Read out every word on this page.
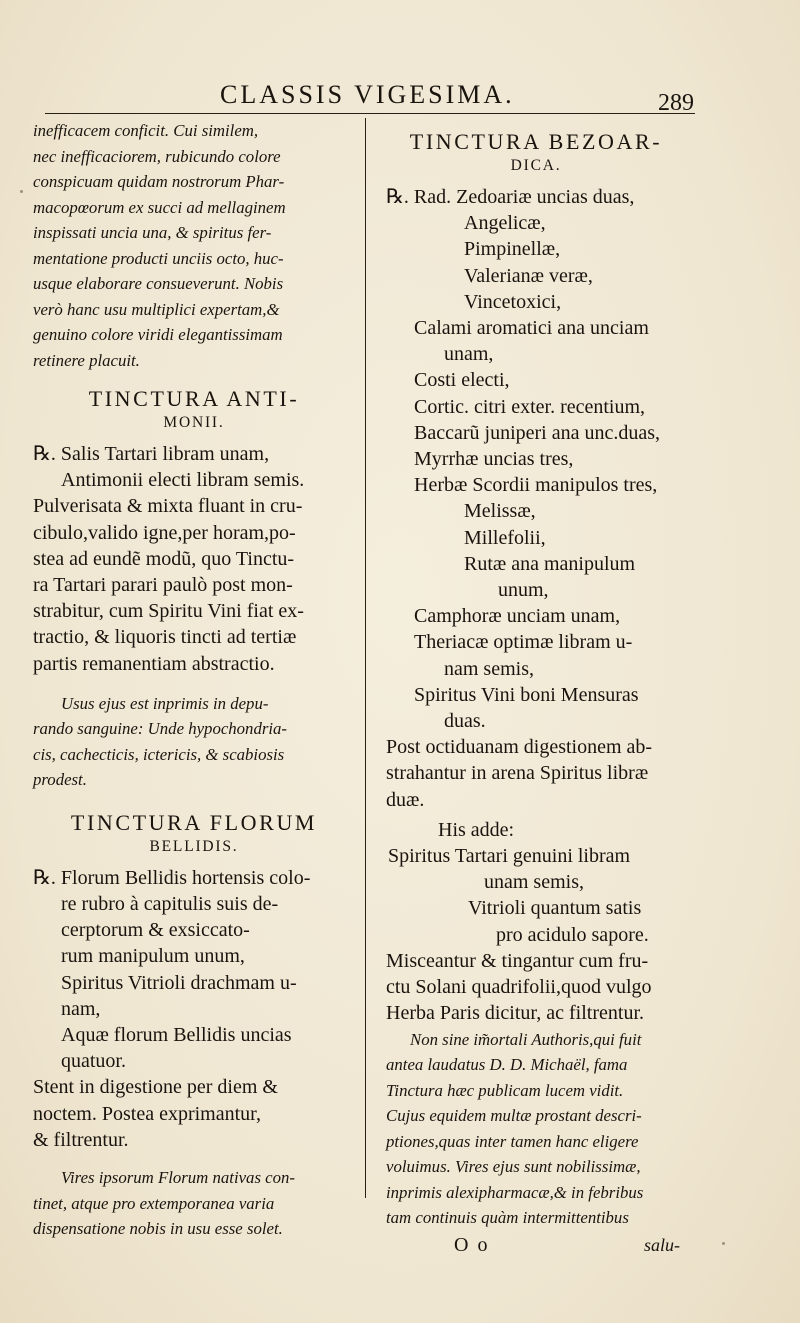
CLASSIS VIGESIMA.	289

inefficacem conficit. Cui similem,

nec inefficaciorem, rubicundo colore

conspicuam quidam nostrorum Phar-

macopœorum ex succi ad mellaginem

inspissati uncia una, & spiritus fer-

mentatione producti unciis octo, huc-

usque elaborare consueverunt. Nobis

verò hanc usu multiplici expertam,&

genuino colore viridi elegantissimam

retinere placuit.

TINCTURA ANTI-

MONII.

℞. Salis Tartari libram unam,

Antimonii electi libram semis.

Pulverisata & mixta fluant in cru-

cibulo,valido igne,per horam,po-

stea ad eundẽ modũ, quo Tinctu-

ra Tartari parari paulò post mon-

strabitur, cum Spiritu Vini fiat ex-

tractio, & liquoris tincti ad tertiæ

partis remanentiam abstractio.

Usus ejus est inprimis in depu-

rando sanguine: Unde hypochondria-

cis, cachecticis, ictericis, & scabiosis

prodest.

TINCTURA FLORUM

BELLIDIS.

℞. Florum Bellidis hortensis colo-

re rubro à capitulis suis de-

cerptorum & exsiccato-

rum manipulum unum,

Spiritus Vitrioli drachmam u-

nam,

Aquæ florum Bellidis uncias

quatuor.

Stent in digestione per diem &

noctem. Postea exprimantur,

& filtrentur.

Vires ipsorum Florum nativas con-

tinet, atque pro extemporanea varia

dispensatione nobis in usu esse solet.

TINCTURA BEZOAR-

DICA.

℞. Rad. Zedoariæ uncias duas,

Angelicæ,

Pimpinellæ,

Valerianæ veræ,

Vincetoxici,

Calami aromatici ana unciam

unam,

Costi electi,

Cortic. citri exter. recentium,

Baccarũ juniperi ana unc.duas,

Myrrhæ uncias tres,

Herbæ Scordii manipulos tres,

Melissæ,

Millefolii,

Rutæ ana manipulum

unum,

Camphoræ unciam unam,

Theriacæ optimæ libram u-

nam semis,

Spiritus Vini boni Mensuras

duas.

Post octiduanam digestionem ab-

strahantur in arena Spiritus libræ

duæ.

His adde:

Spiritus Tartari genuini libram

unam semis,

Vitrioli quantum satis

pro acidulo sapore.

Misceantur & tingantur cum fru-

ctu Solani quadrifolii,quod vulgo

Herba Paris dicitur, ac filtrentur.

Non sine im̃ortali Authoris,qui fuit

antea laudatus D. D. Michaël, fama

Tinctura hæc publicam lucem vidit.

Cujus equidem multæ prostant descri-

ptiones,quas inter tamen hanc eligere

voluimus. Vires ejus sunt nobilissimæ,

inprimis alexipharmacæ,& in febribus

tam continuis quàm intermittentibus

O o	salu-
